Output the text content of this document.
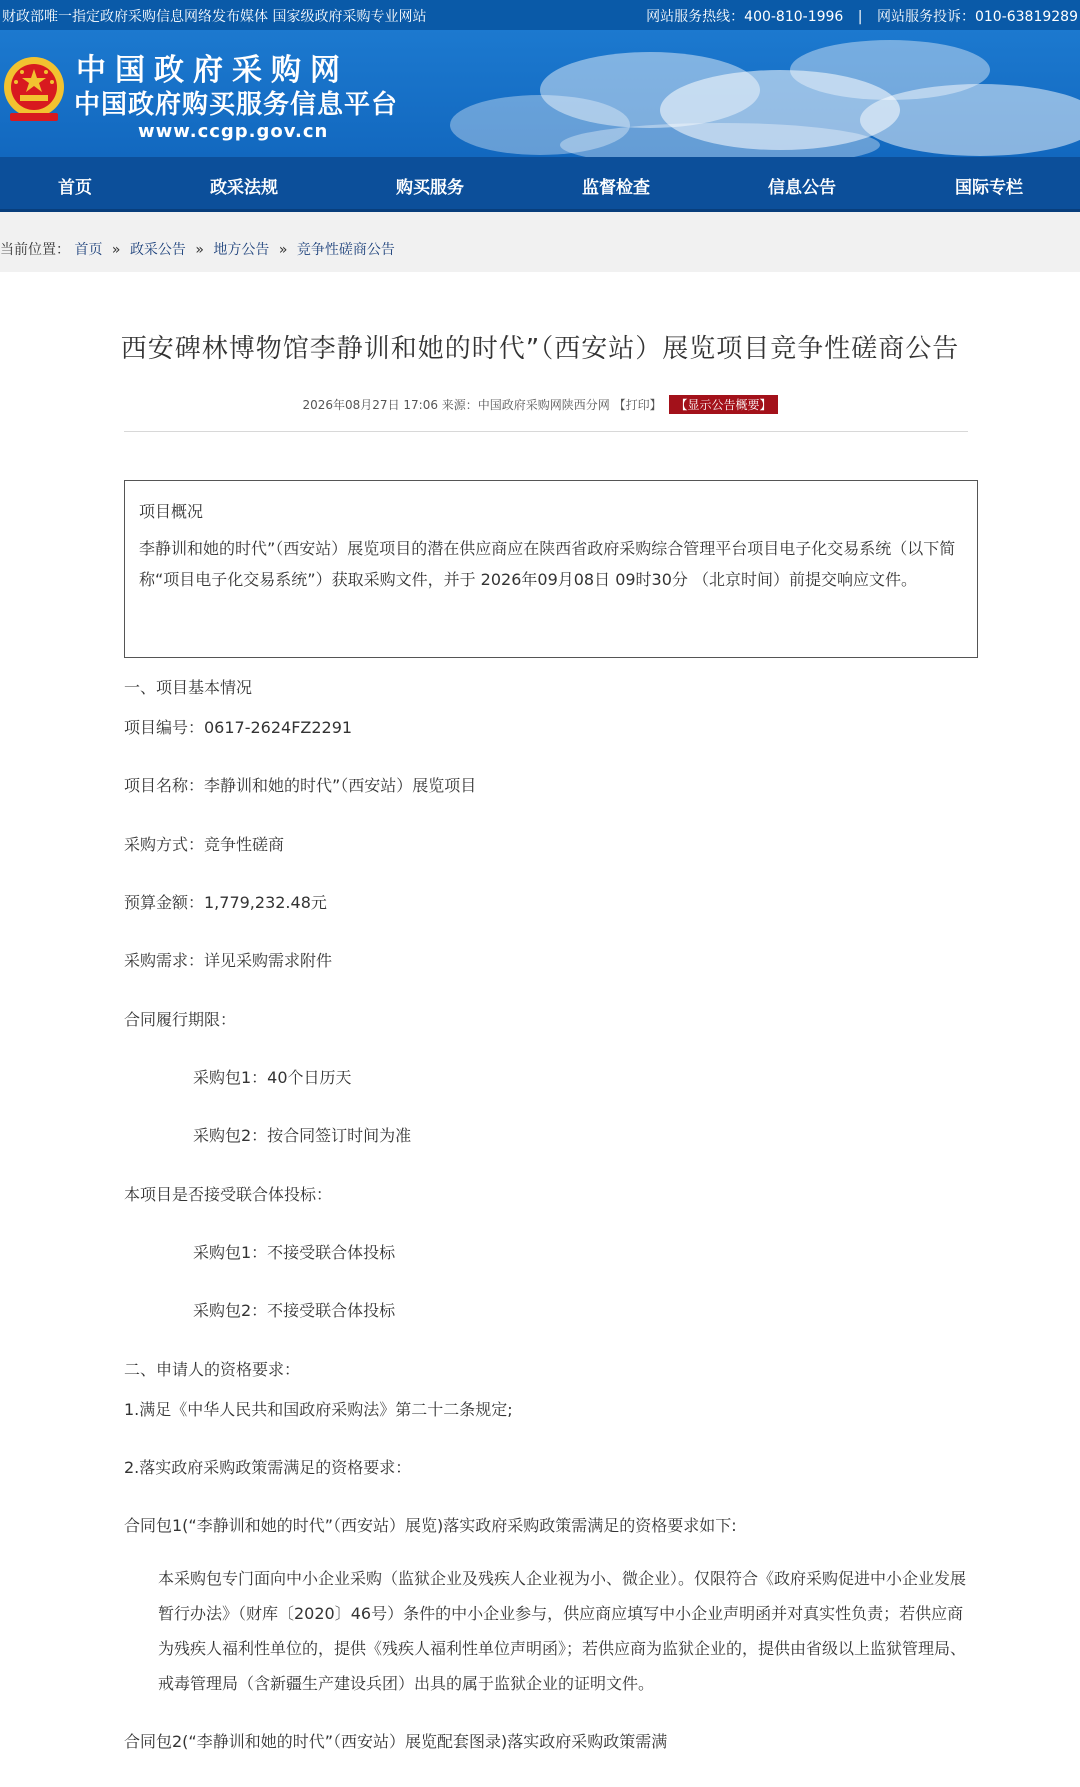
财政部唯一指定政府采购信息网络发布媒体 国家级政府采购专业网站	网站服务热线：400-810-1996 | 网站服务投诉：010-63819289
中国政府采购网
中国政府购买服务信息平台
www.ccgp.gov.cn
首页	政采法规	购买服务	监督检查	信息公告	国际专栏
当前位置： 首页 » 政采公告 » 地方公告 » 竞争性磋商公告
西安碑林博物馆李静训和她的时代”（西安站）展览项目竞争性磋商公告
2026年08月27日 17:06 来源：中国政府采购网陕西分网 【打印】 【显示公告概要】
项目概况
李静训和她的时代”（西安站）展览项目的潜在供应商应在陕西省政府采购综合管理平台项目电子化交易系统（以下简称“项目电子化交易系统”）获取采购文件，并于 2026年09月08日 09时30分 （北京时间）前提交响应文件。
一、项目基本情况
项目编号：0617-2624FZ2291
项目名称：李静训和她的时代”（西安站）展览项目
采购方式：竞争性磋商
预算金额：1,779,232.48元
采购需求：详见采购需求附件
合同履行期限：
采购包1：40个日历天
采购包2：按合同签订时间为准
本项目是否接受联合体投标：
采购包1：不接受联合体投标
采购包2：不接受联合体投标
二、申请人的资格要求：
1.满足《中华人民共和国政府采购法》第二十二条规定;
2.落实政府采购政策需满足的资格要求：
合同包1(“李静训和她的时代”（西安站）展览)落实政府采购政策需满足的资格要求如下:
本采购包专门面向中小企业采购（监狱企业及残疾人企业视为小、微企业）。仅限符合《政府采购促进中小企业发展暂行办法》（财库〔2020〕46号）条件的中小企业参与，供应商应填写中小企业声明函并对真实性负责；若供应商为残疾人福利性单位的，提供《残疾人福利性单位声明函》；若供应商为监狱企业的，提供由省级以上监狱管理局、戒毒管理局（含新疆生产建设兵团）出具的属于监狱企业的证明文件。
合同包2(“李静训和她的时代”（西安站）展览配套图录)落实政府采购政策需满
